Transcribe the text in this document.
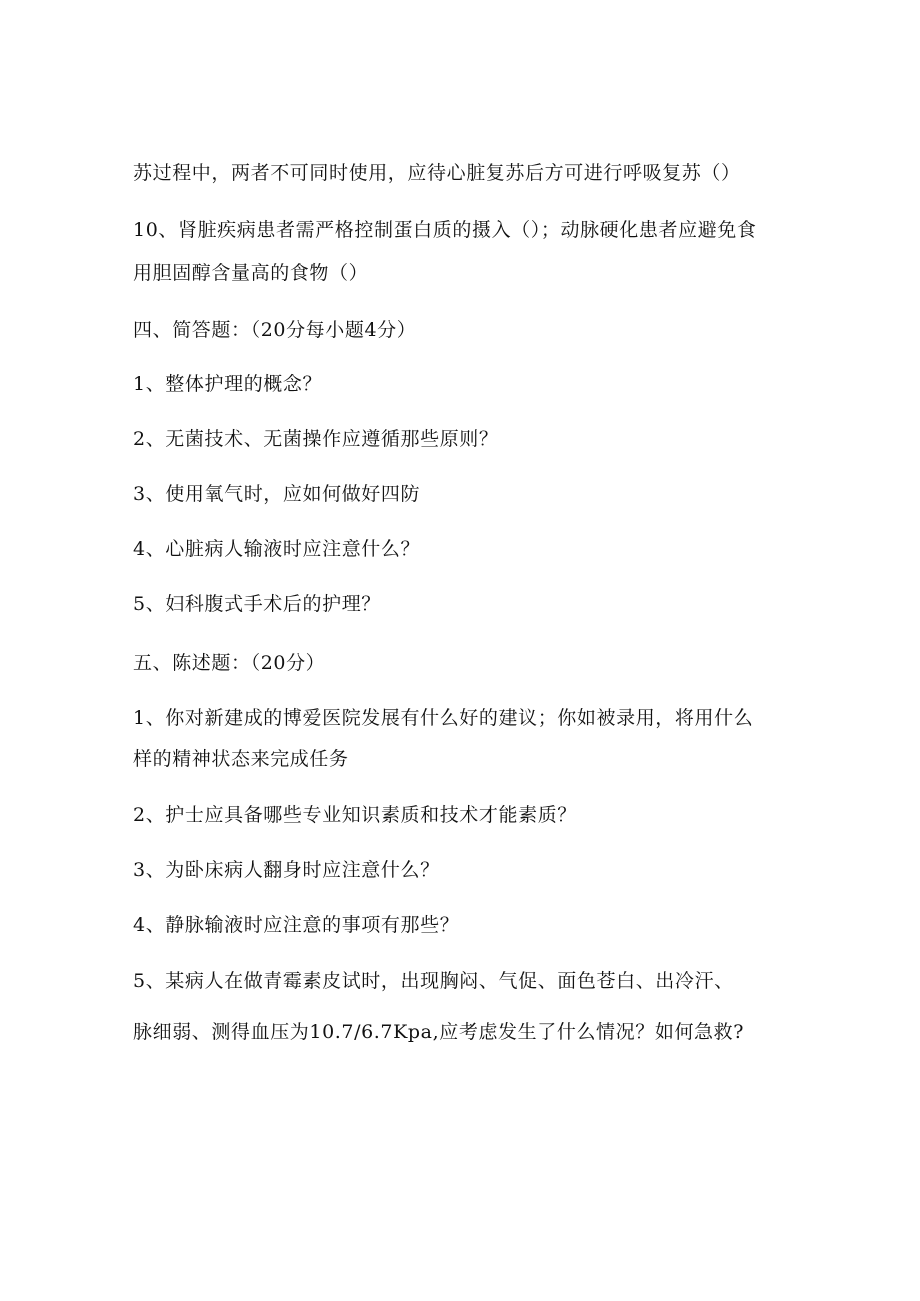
苏过程中，两者不可同时使用，应待心脏复苏后方可进行呼吸复苏（）
10、肾脏疾病患者需严格控制蛋白质的摄入（）；动脉硬化患者应避免食
用胆固醇含量高的食物（）
四、简答题：（20分每小题4分）
1、整体护理的概念？
2、无菌技术、无菌操作应遵循那些原则？
3、使用氧气时，应如何做好四防
4、心脏病人输液时应注意什么？
5、妇科腹式手术后的护理？
五、陈述题：（20分）
1、你对新建成的博爱医院发展有什么好的建议；你如被录用，将用什么
样的精神状态来完成任务
2、护士应具备哪些专业知识素质和技术才能素质？
3、为卧床病人翻身时应注意什么？
4、静脉输液时应注意的事项有那些？
5、某病人在做青霉素皮试时，出现胸闷、气促、面色苍白、出冷汗、
脉细弱、测得血压为10.7/6.7Kpa,应考虑发生了什么情况？如何急救?
